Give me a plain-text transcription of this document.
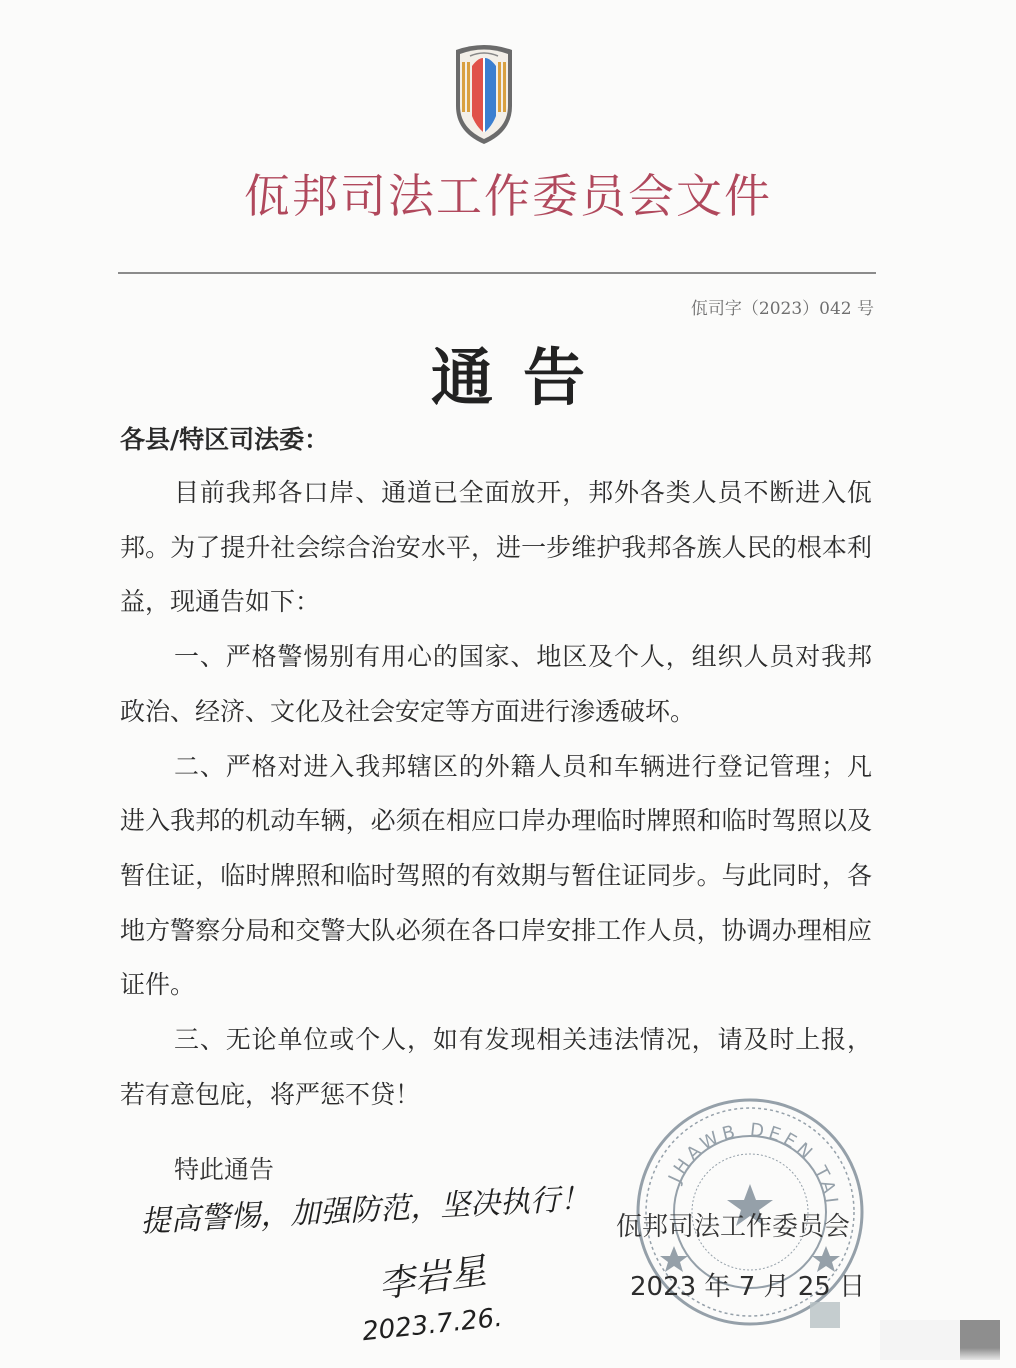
佤邦司法工作委员会文件
佤司字（2023）042 号
通告
各县/特区司法委：

目前我邦各口岸、通道已全面放开，邦外各类人员不断进入佤邦。为了提升社会综合治安水平，进一步维护我邦各族人民的根本利益，现通告如下：

一、严格警惕别有用心的国家、地区及个人，组织人员对我邦政治、经济、文化及社会安定等方面进行渗透破坏。

二、严格对进入我邦辖区的外籍人员和车辆进行登记管理；凡进入我邦的机动车辆，必须在相应口岸办理临时牌照和临时驾照以及暂住证，临时牌照和临时驾照的有效期与暂住证同步。与此同时，各地方警察分局和交警大队必须在各口岸安排工作人员，协调办理相应证件。

三、无论单位或个人，如有发现相关违法情况，请及时上报，若有意包庇，将严惩不贷！

特此通告
提高警惕，加强防范，坚决执行！
李岩星
2023.7.26.
JHAWB DEEN TAI
佤邦司法工作委员会
2023 年 7 月 25 日
